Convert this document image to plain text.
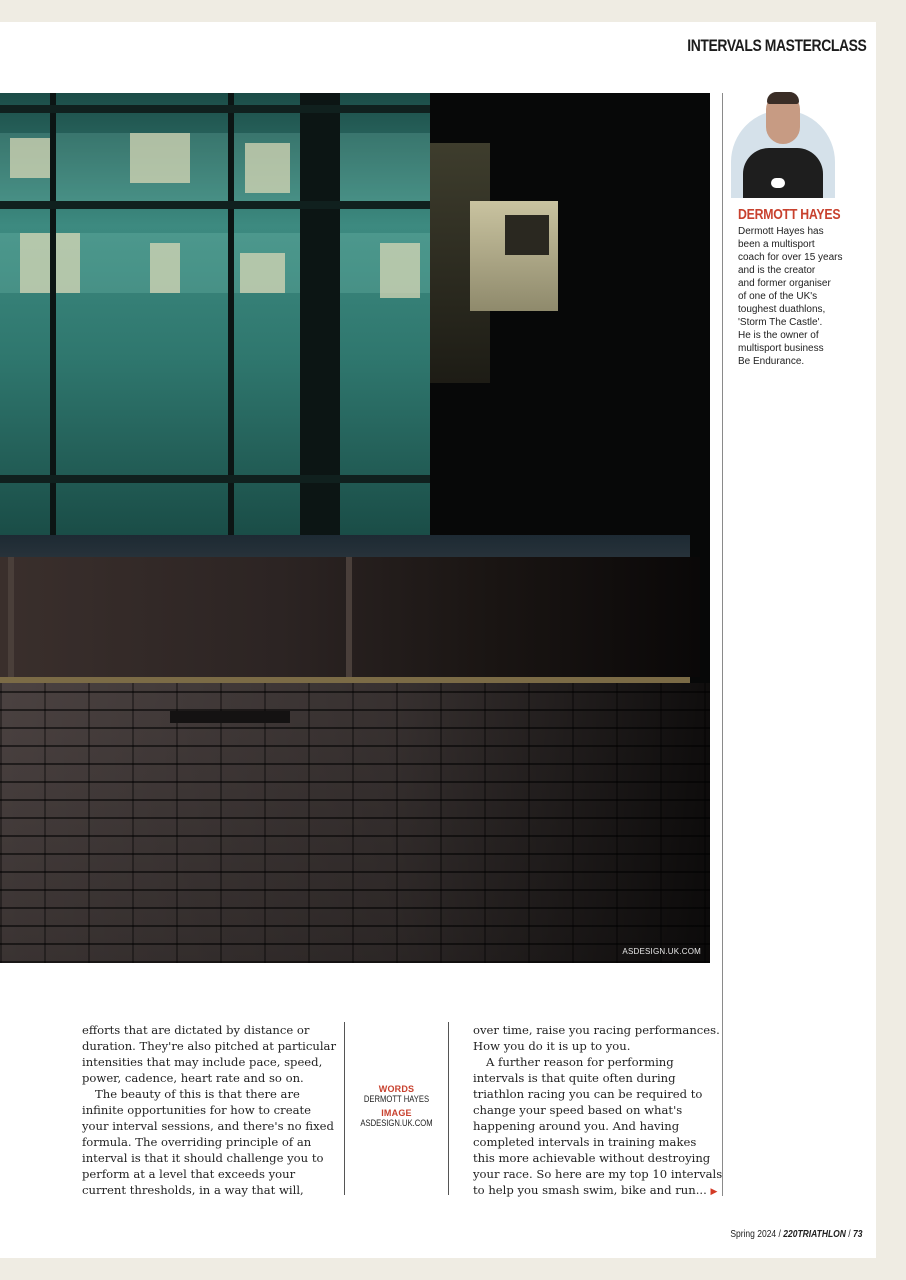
INTERVALS MASTERCLASS
ASDESIGN.UK.COM
DERMOTT HAYES
Dermott Hayes has
been a multisport
coach for over 15 years
and is the creator
and former organiser
of one of the UK's
toughest duathlons,
'Storm The Castle'.
He is the owner of
multisport business
Be Endurance.
efforts that are dictated by distance or
duration. They're also pitched at particular
intensities that may include pace, speed,
power, cadence, heart rate and so on.
The beauty of this is that there are
infinite opportunities for how to create
your interval sessions, and there's no fixed
formula. The overriding principle of an
interval is that it should challenge you to
perform at a level that exceeds your
current thresholds, in a way that will,
WORDS
DERMOTT HAYES
IMAGE
ASDESIGN.UK.COM
over time, raise you racing performances.
How you do it is up to you.
A further reason for performing
intervals is that quite often during
triathlon racing you can be required to
change your speed based on what's
happening around you. And having
completed intervals in training makes
this more achievable without destroying
your race. So here are my top 10 intervals
to help you smash swim, bike and run... ▶
Spring 2024 / 220TRIATHLON / 73
